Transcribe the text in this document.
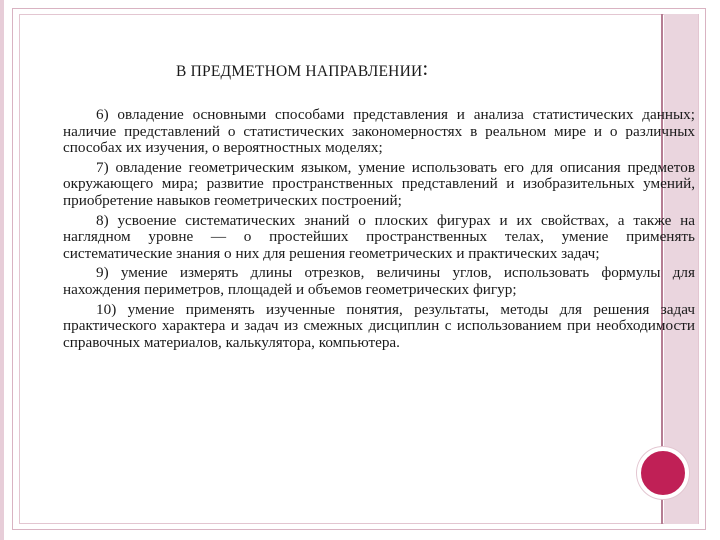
В ПРЕДМЕТНОМ НАПРАВЛЕНИИ:

6) овладение основными способами представления и анализа статистических данных; наличие представлений о статистических закономерностях в реальном мире и о различных способах их изучения, о вероятностных моделях;

7) овладение геометрическим языком, умение использовать его для описания предметов окружающего мира; развитие пространственных представлений и изобразительных умений, приобретение навыков геометрических построений;

8) усвоение систематических знаний о плоских фигурах и их свойствах, а также на наглядном уровне — о простейших пространственных телах, умение применять систематические знания о них для решения геометрических и практических задач;

9) умение измерять длины отрезков, величины углов, использовать формулы для нахождения периметров, площадей и объемов геометрических фигур;

10) умение применять изученные понятия, результаты, методы для решения задач практического характера и задач из смежных дисциплин с использованием при необходимости справочных материалов, калькулятора, компьютера.
